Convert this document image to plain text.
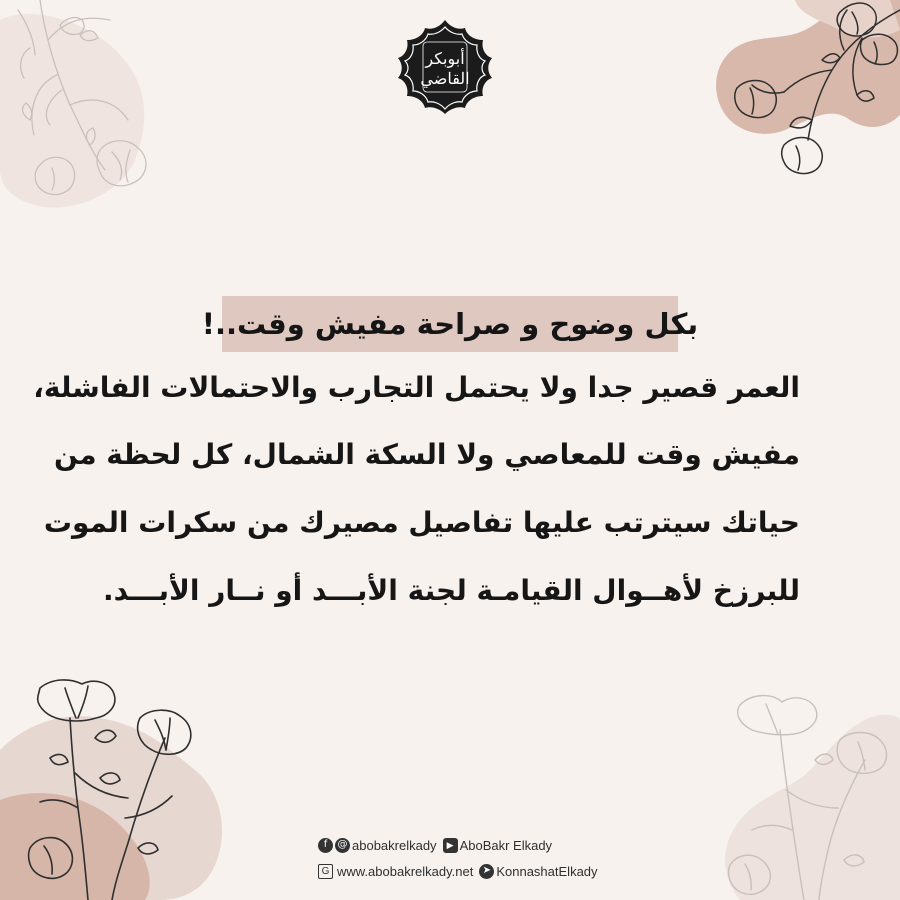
أبوبكر
القاضي

بكل وضوح و صراحة مفيش وقت..!

العمر قصير جدا ولا يحتمل التجارب والاحتمالات الفاشلة،

مفيش وقت للمعاصي ولا السكة الشمال، كل لحظة من

حياتك سيترتب عليها تفاصيل مصيرك من سكرات الموت

للبرزخ لأهــوال القيامـة لجنة الأبـــد أو نــار الأبـــد.

f	@ abobakrelkady	▶ AboBakr Elkady
G www.abobakrelkady.net ➤ KonnashatElkady
